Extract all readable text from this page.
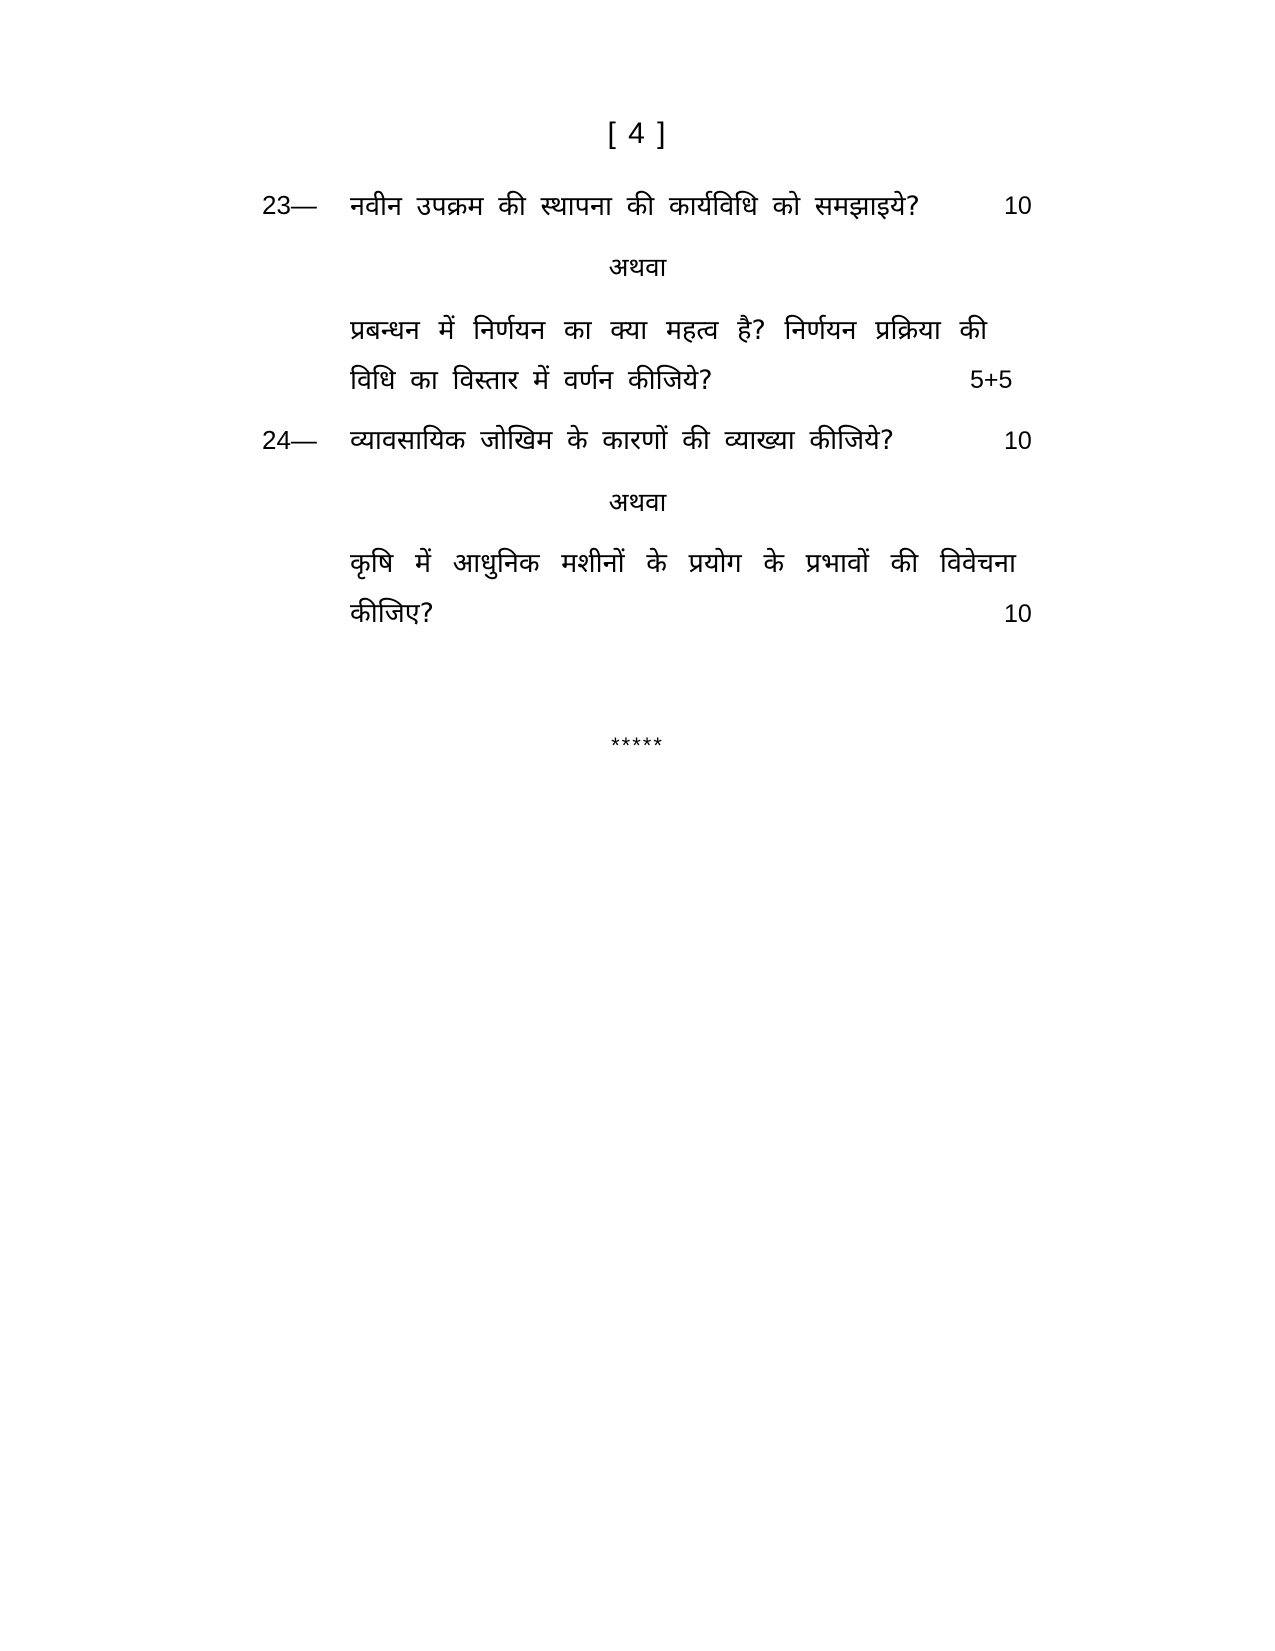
[ 4 ]
23— नवीन उपक्रम की स्थापना की कार्यविधि को समझाइये?	10
अथवा
प्रबन्धन में निर्णयन का क्या महत्व है? निर्णयन प्रक्रिया की
विधि का विस्तार में वर्णन कीजिये?	5+5
24— व्यावसायिक जोखिम के कारणों की व्याख्या कीजिये?	10
अथवा
कृषि में आधुनिक मशीनों के प्रयोग के प्रभावों की विवेचना
कीजिए?	10
*****
